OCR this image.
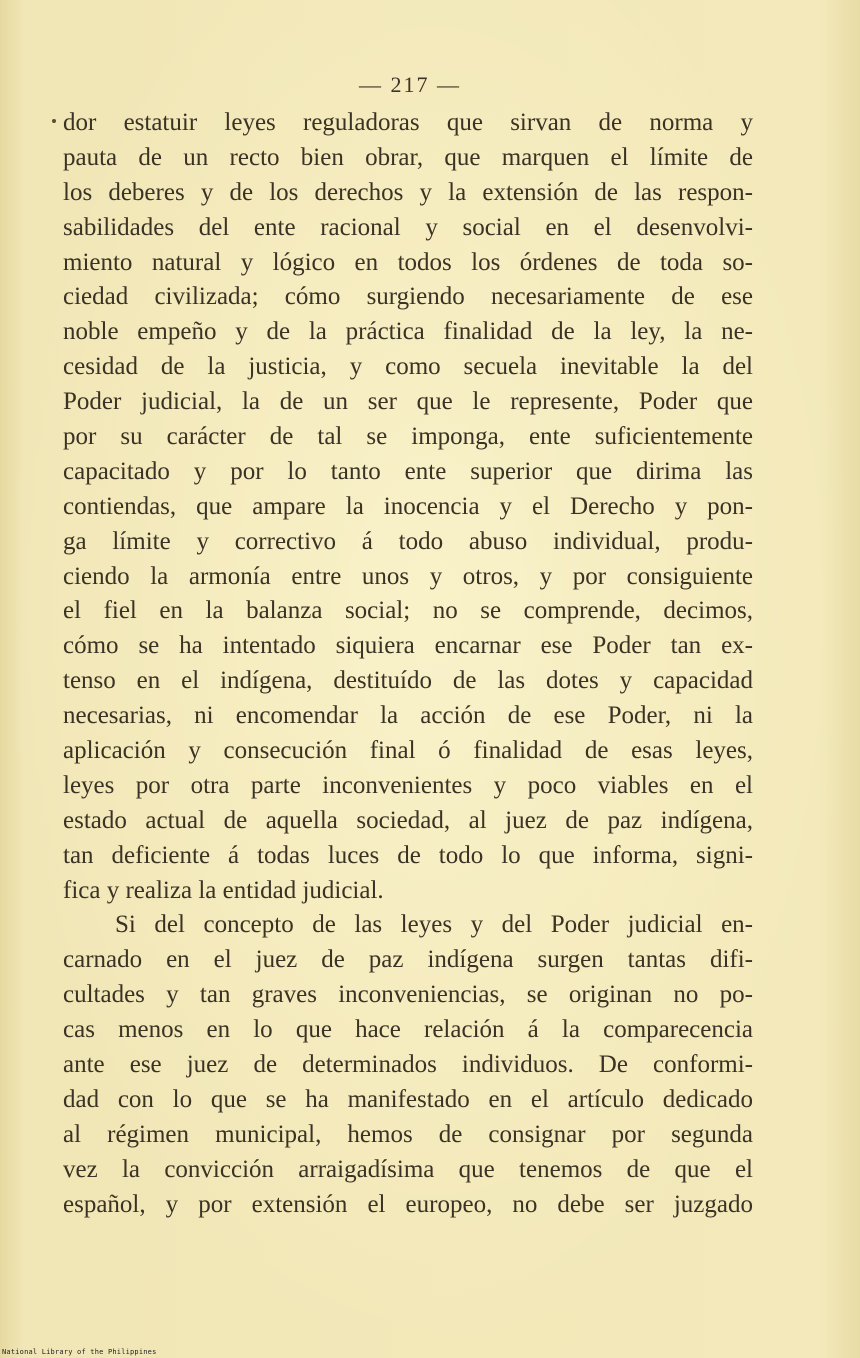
— 217 —
dor estatuir leyes reguladoras que sirvan de norma y
pauta de un recto bien obrar, que marquen el límite de
los deberes y de los derechos y la extensión de las respon-
sabilidades del ente racional y social en el desenvolvi-
miento natural y lógico en todos los órdenes de toda so-
ciedad civilizada; cómo surgiendo necesariamente de ese
noble empeño y de la práctica finalidad de la ley, la ne-
cesidad de la justicia, y como secuela inevitable la del
Poder judicial, la de un ser que le represente, Poder que
por su carácter de tal se imponga, ente suficientemente
capacitado y por lo tanto ente superior que dirima las
contiendas, que ampare la inocencia y el Derecho y pon-
ga límite y correctivo á todo abuso individual, produ-
ciendo la armonía entre unos y otros, y por consiguiente
el fiel en la balanza social; no se comprende, decimos,
cómo se ha intentado siquiera encarnar ese Poder tan ex-
tenso en el indígena, destituído de las dotes y capacidad
necesarias, ni encomendar la acción de ese Poder, ni la
aplicación y consecución final ó finalidad de esas leyes,
leyes por otra parte inconvenientes y poco viables en el
estado actual de aquella sociedad, al juez de paz indígena,
tan deficiente á todas luces de todo lo que informa, signi-
fica y realiza la entidad judicial.
Si del concepto de las leyes y del Poder judicial en-
carnado en el juez de paz indígena surgen tantas difi-
cultades y tan graves inconveniencias, se originan no po-
cas menos en lo que hace relación á la comparecencia
ante ese juez de determinados individuos. De conformi-
dad con lo que se ha manifestado en el artículo dedicado
al régimen municipal, hemos de consignar por segunda
vez la convicción arraigadísima que tenemos de que el
español, y por extensión el europeo, no debe ser juzgado
National Library of the Philippines
